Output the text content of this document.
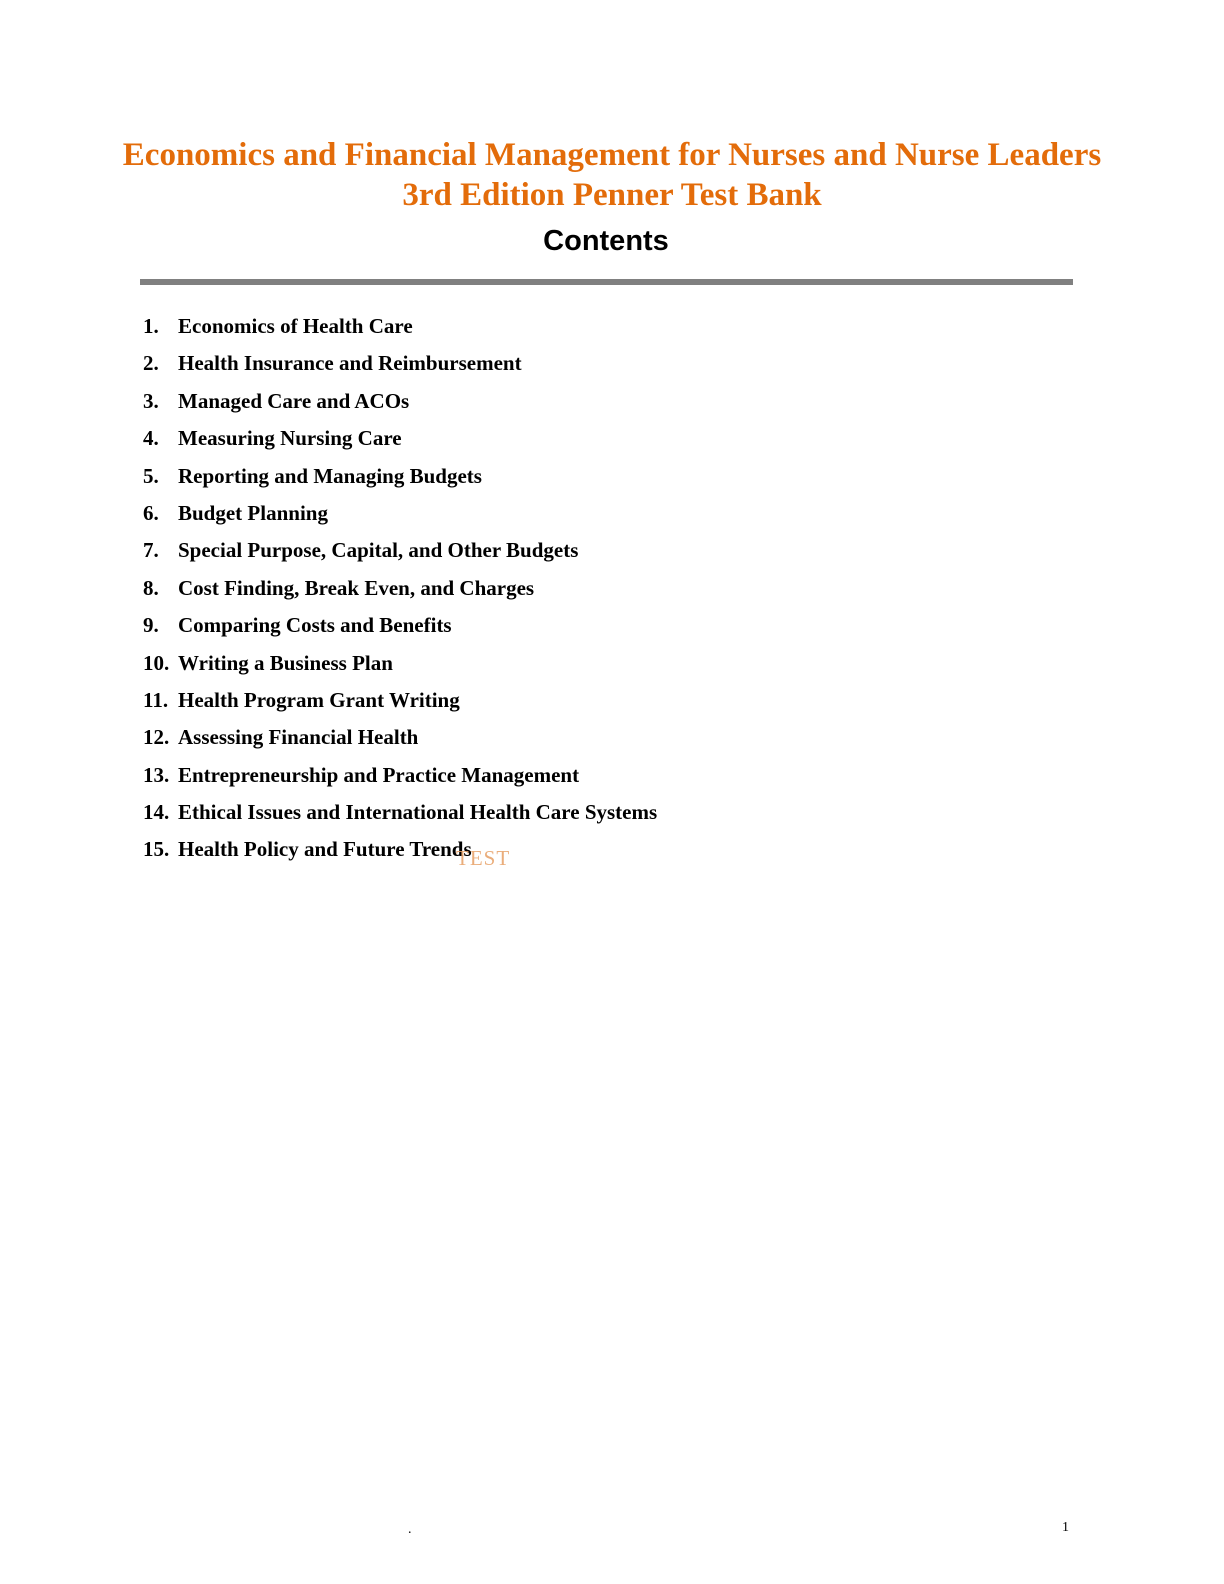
Economics and Financial Management for Nurses and Nurse Leaders
3rd Edition Penner Test Bank
Contents
1. Economics of Health Care
2. Health Insurance and Reimbursement
3. Managed Care and ACOs
4. Measuring Nursing Care
5. Reporting and Managing Budgets
6. Budget Planning
7. Special Purpose, Capital, and Other Budgets
8. Cost Finding, Break Even, and Charges
9. Comparing Costs and Benefits
10. Writing a Business Plan
11. Health Program Grant Writing
12. Assessing Financial Health
13. Entrepreneurship and Practice Management
14. Ethical Issues and International Health Care Systems
15. Health Policy and Future Trends
TEST
.	1
